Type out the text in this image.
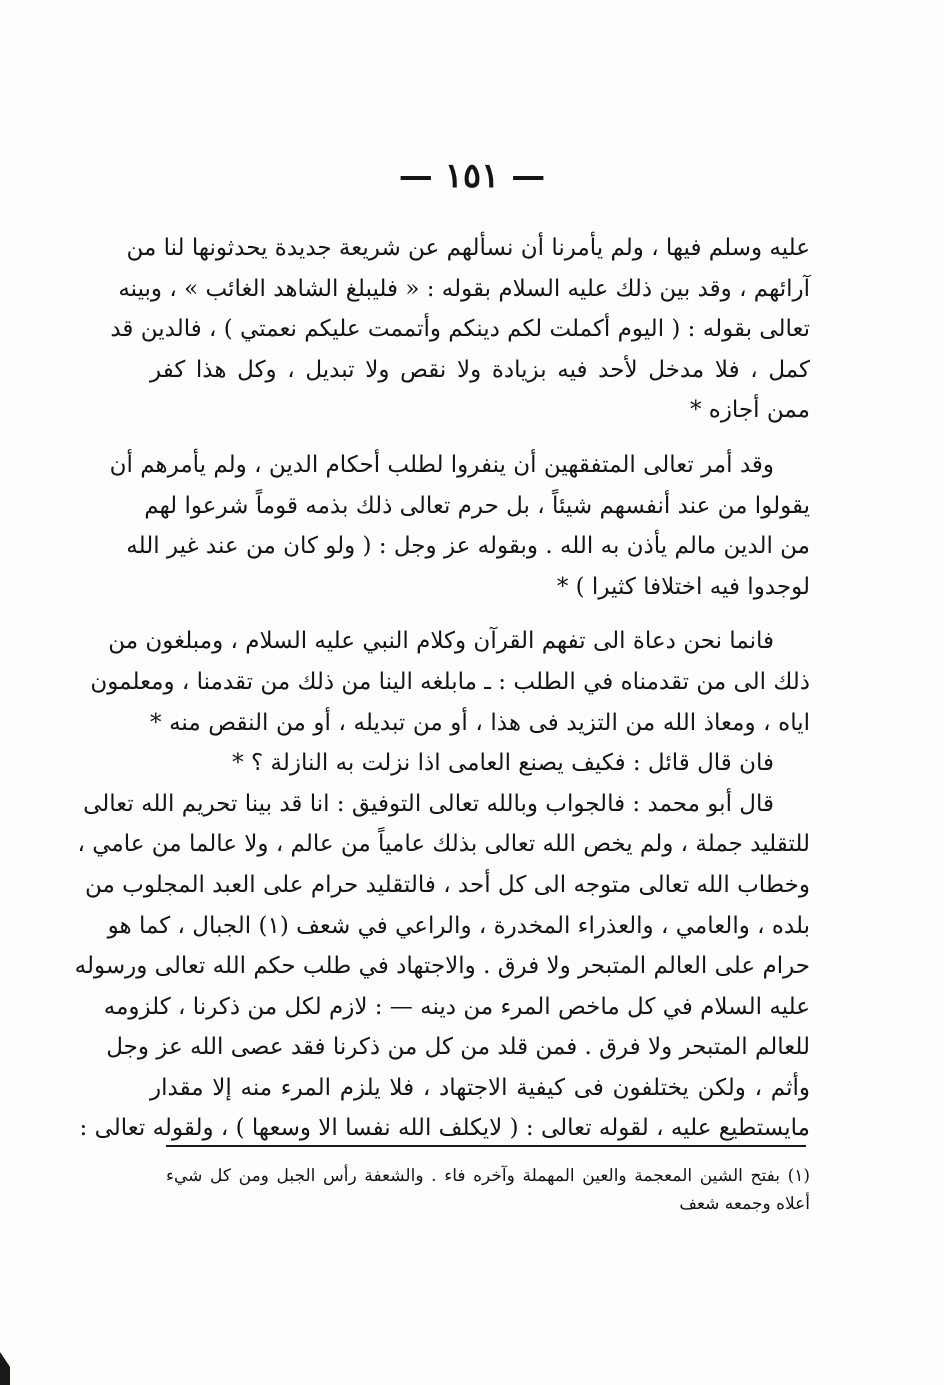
— ١٥١ —
عليه وسلم فيها ، ولم يأمرنا أن نسألهم عن شريعة جديدة يحدثونها لنا من
آرائهم ، وقد بين ذلك عليه السلام بقوله : « فليبلغ الشاهد الغائب » ، وبينه
تعالى بقوله : ( اليوم أكملت لكم دينكم وأتممت عليكم نعمتي ) ، فالدين قد
كمل ، فلا مدخل لأحد فيه بزيادة ولا نقص ولا تبديل ، وكل هذا كفر
ممن أجازه *
وقد أمر تعالى المتفقهين أن ينفروا لطلب أحكام الدين ، ولم يأمرهم أن
يقولوا من عند أنفسهم شيئاً ، بل حرم تعالى ذلك بذمه قوماً شرعوا لهم
من الدين مالم يأذن به الله . وبقوله عز وجل : ( ولو كان من عند غير الله
لوجدوا فيه اختلافا كثيرا ) *
فانما نحن دعاة الى تفهم القرآن وكلام النبي عليه السلام ، ومبلغون من
ذلك الى من تقدمناه في الطلب : ـ مابلغه الينا من ذلك من تقدمنا ، ومعلمون
اياه ، ومعاذ الله من التزيد فى هذا ، أو من تبديله ، أو من النقص منه *
فان قال قائل : فكيف يصنع العامى اذا نزلت به النازلة ؟ *
قال أبو محمد : فالجواب وبالله تعالى التوفيق : انا قد بينا تحريم الله تعالى
للتقليد جملة ، ولم يخص الله تعالى بذلك عامياً من عالم ، ولا عالما من عامي ،
وخطاب الله تعالى متوجه الى كل أحد ، فالتقليد حرام على العبد المجلوب من
بلده ، والعامي ، والعذراء المخدرة ، والراعي في شعف (١) الجبال ، كما هو
حرام على العالم المتبحر ولا فرق . والاجتهاد في طلب حكم الله تعالى ورسوله
عليه السلام في كل ماخص المرء من دينه — : لازم لكل من ذكرنا ، كلزومه
للعالم المتبحر ولا فرق . فمن قلد من كل من ذكرنا فقد عصى الله عز وجل
وأثم ، ولكن يختلفون فى كيفية الاجتهاد ، فلا يلزم المرء منه إلا مقدار
مايستطيع عليه ، لقوله تعالى : ( لايكلف الله نفسا الا وسعها ) ، ولقوله تعالى :
(١) بفتح الشين المعجمة والعين المهملة وآخره فاء . والشعفة رأس الجبل ومن كل شيء
أعلاه وجمعه شعف
